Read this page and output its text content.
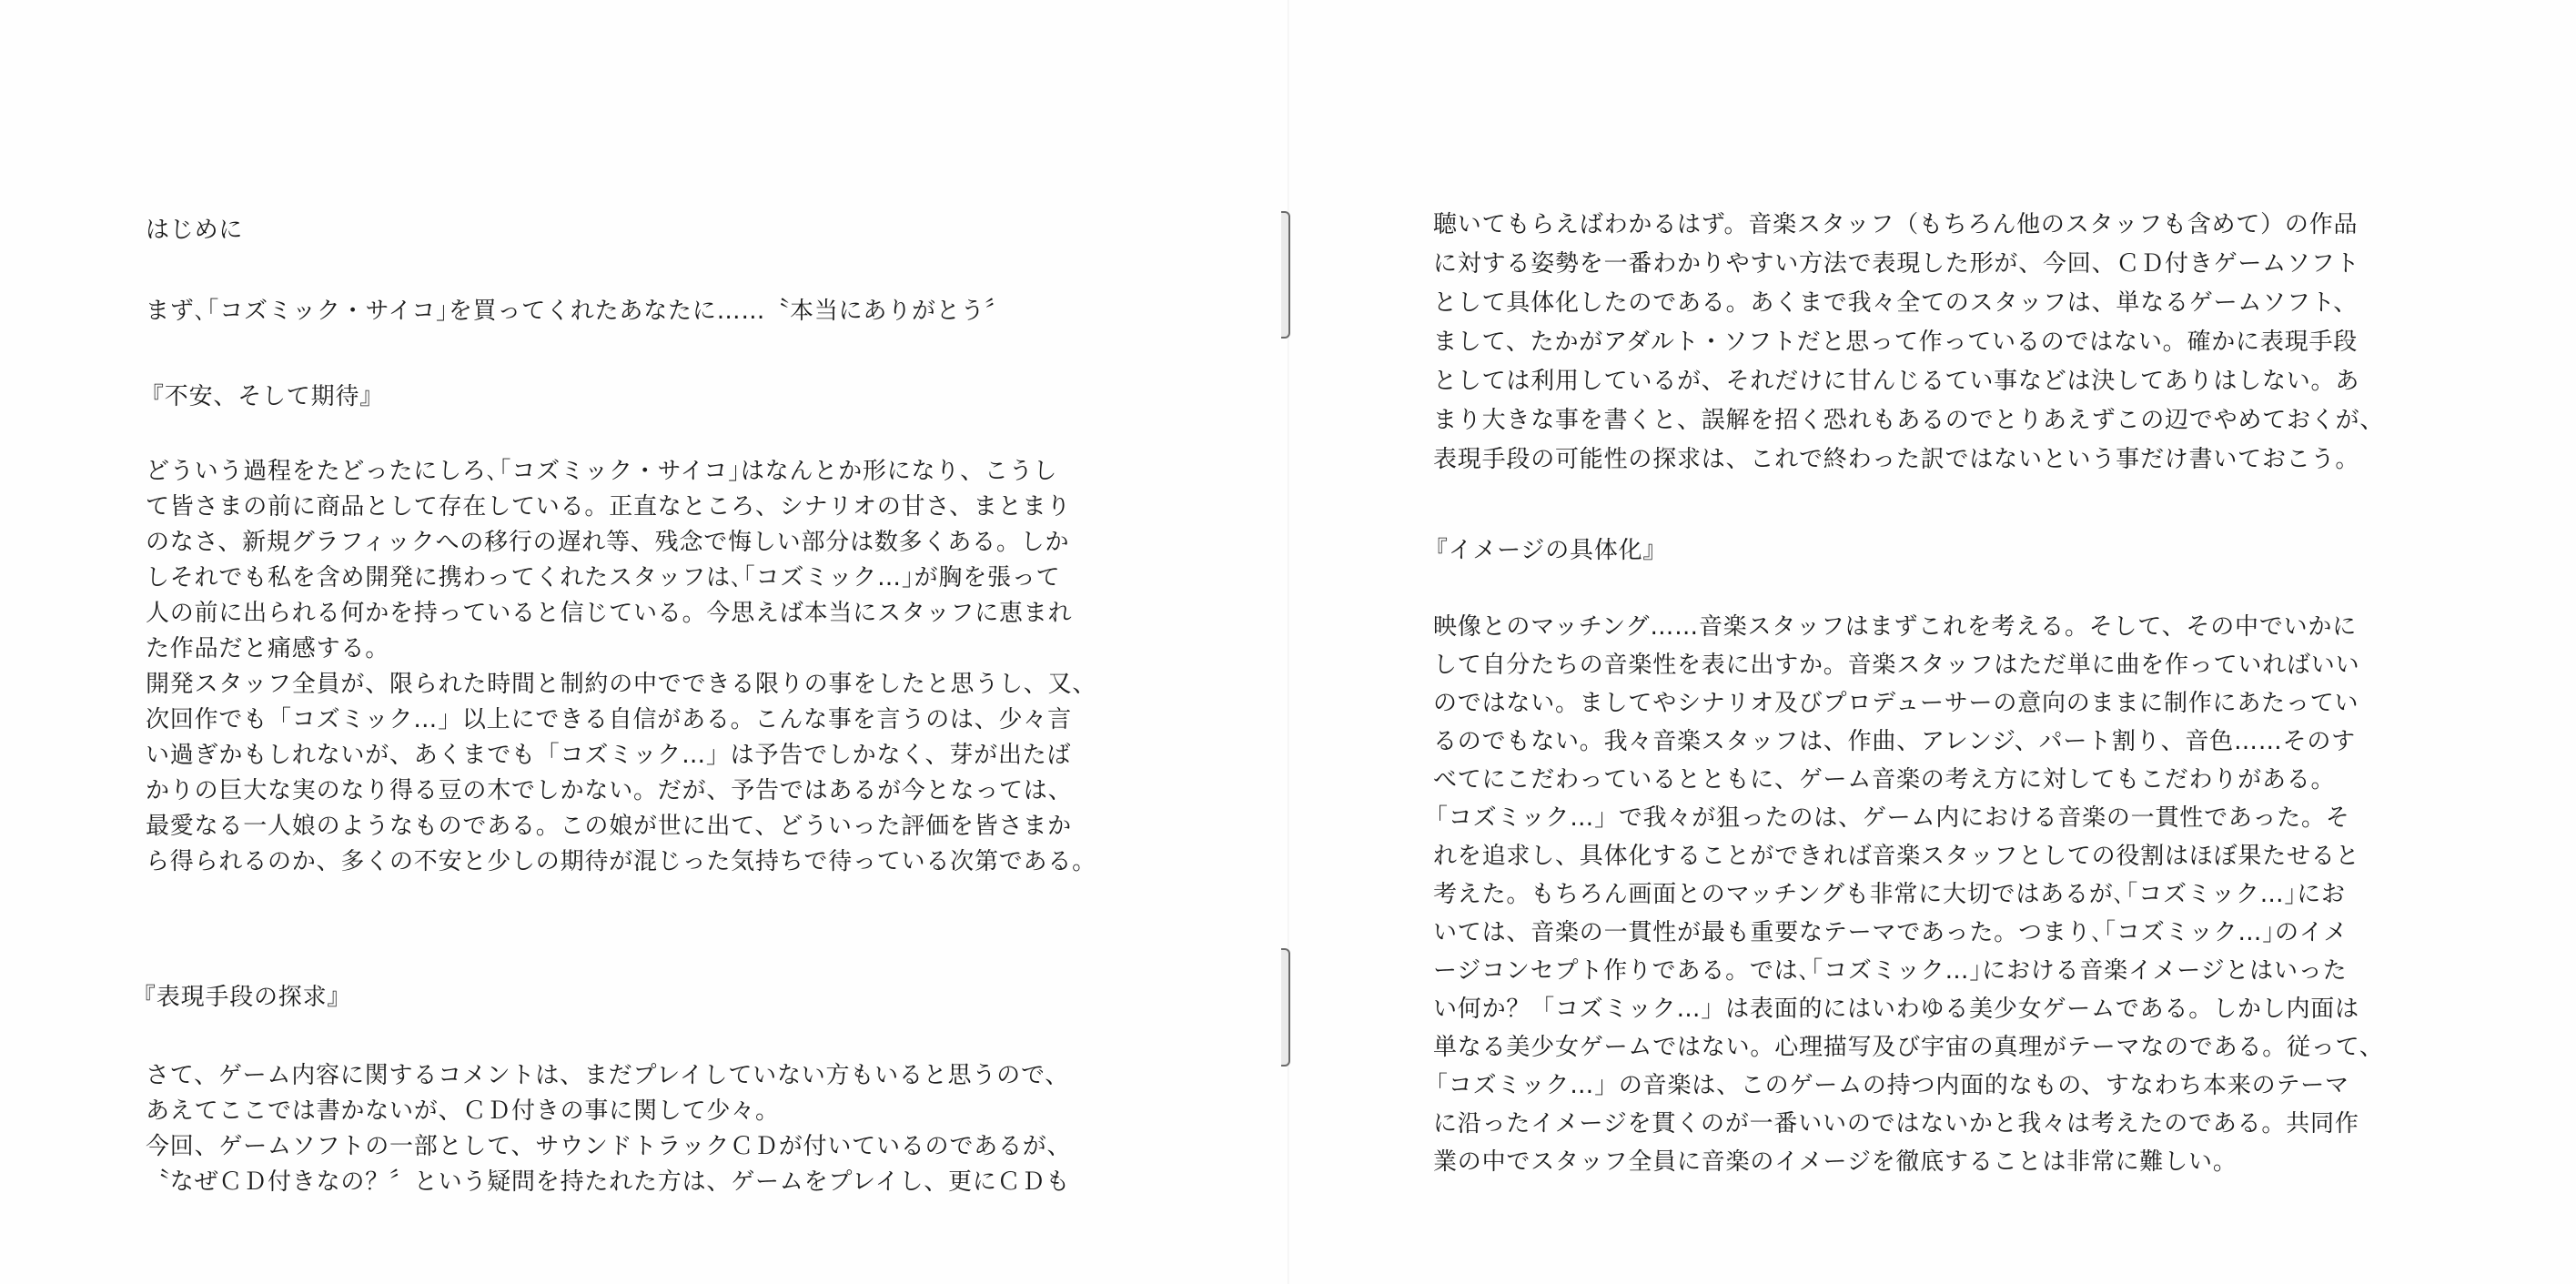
はじめに
まず､｢コズミック・サイコ｣を買ってくれたあなたに……〝本当にありがとう〞
『不安、そして期待』
どういう過程をたどったにしろ､｢コズミック・サイコ｣はなんとか形になり、こうし
て皆さまの前に商品として存在している。正直なところ、シナリオの甘さ、まとまり
のなさ、新規グラフィックへの移行の遅れ等、残念で悔しい部分は数多くある。しか
しそれでも私を含め開発に携わってくれたスタッフは､｢コズミック…｣が胸を張って
人の前に出られる何かを持っていると信じている。今思えば本当にスタッフに恵まれ
た作品だと痛感する。
開発スタッフ全員が、限られた時間と制約の中でできる限りの事をしたと思うし、又、
次回作でも「コズミック…」以上にできる自信がある。こんな事を言うのは、少々言
い過ぎかもしれないが、あくまでも「コズミック…」は予告でしかなく、芽が出たば
かりの巨大な実のなり得る豆の木でしかない。だが、予告ではあるが今となっては、
最愛なる一人娘のようなものである。この娘が世に出て、どういった評価を皆さまか
ら得られるのか、多くの不安と少しの期待が混じった気持ちで待っている次第である。
『表現手段の探求』
さて、ゲーム内容に関するコメントは、まだプレイしていない方もいると思うので、
あえてここでは書かないが、ＣＤ付きの事に関して少々。
今回、ゲームソフトの一部として、サウンドトラックＣＤが付いているのであるが、
〝なぜＣＤ付きなの？〞という疑問を持たれた方は、ゲームをプレイし、更にＣＤも
聴いてもらえばわかるはず。音楽スタッフ（もちろん他のスタッフも含めて）の作品
に対する姿勢を一番わかりやすい方法で表現した形が、今回、ＣＤ付きゲームソフト
として具体化したのである。あくまで我々全てのスタッフは、単なるゲームソフト、
まして、たかがアダルト・ソフトだと思って作っているのではない。確かに表現手段
としては利用しているが、それだけに甘んじるてい事などは決してありはしない。あ
まり大きな事を書くと、誤解を招く恐れもあるのでとりあえずこの辺でやめておくが、
表現手段の可能性の探求は、これで終わった訳ではないという事だけ書いておこう。
『イメージの具体化』
映像とのマッチング……音楽スタッフはまずこれを考える。そして、その中でいかに
して自分たちの音楽性を表に出すか。音楽スタッフはただ単に曲を作っていればいい
のではない。ましてやシナリオ及びプロデューサーの意向のままに制作にあたってい
るのでもない。我々音楽スタッフは、作曲、アレンジ、パート割り、音色……そのす
べてにこだわっているとともに、ゲーム音楽の考え方に対してもこだわりがある。
「コズミック…」で我々が狙ったのは、ゲーム内における音楽の一貫性であった。そ
れを追求し、具体化することができれば音楽スタッフとしての役割はほぼ果たせると
考えた。もちろん画面とのマッチングも非常に大切ではあるが､｢コズミック…｣にお
いては、音楽の一貫性が最も重要なテーマであった。つまり､｢コズミック…｣のイメ
ージコンセプト作りである。では､｢コズミック…｣における音楽イメージとはいった
い何か？「コズミック…」は表面的にはいわゆる美少女ゲームである。しかし内面は
単なる美少女ゲームではない。心理描写及び宇宙の真理がテーマなのである。従って、
「コズミック…」の音楽は、このゲームの持つ内面的なもの、すなわち本来のテーマ
に沿ったイメージを貫くのが一番いいのではないかと我々は考えたのである。共同作
業の中でスタッフ全員に音楽のイメージを徹底することは非常に難しい。
